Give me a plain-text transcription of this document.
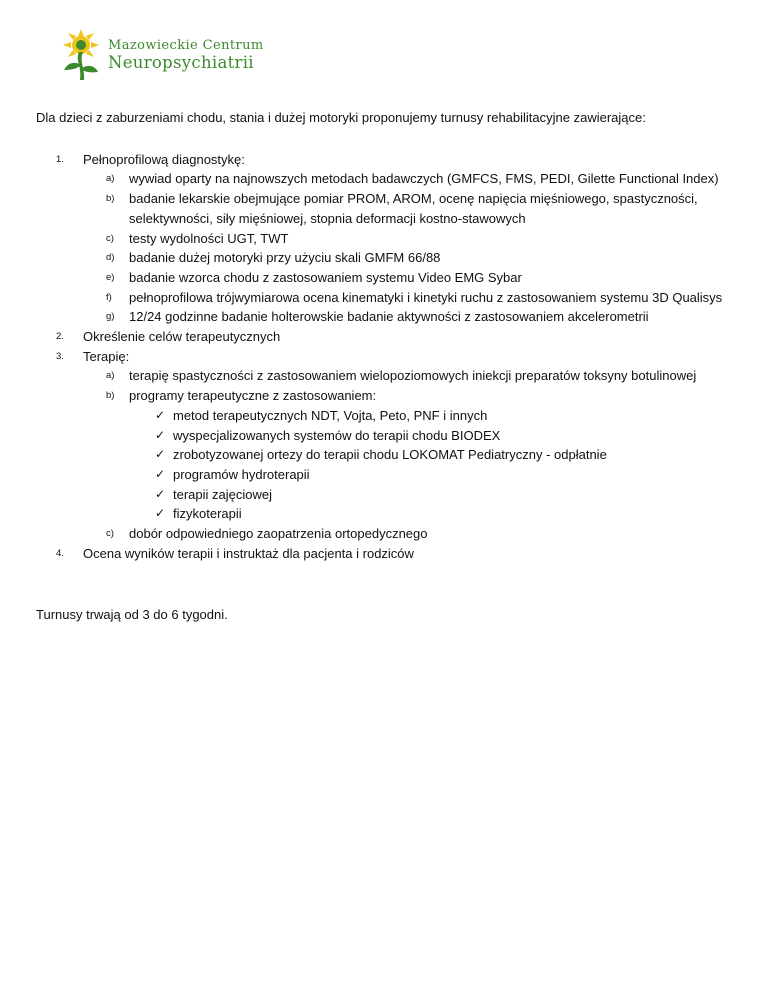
Mazowieckie Centrum
Neuropsychiatrii

Dla dzieci z zaburzeniami chodu, stania i dużej motoryki proponujemy turnusy rehabilitacyjne zawierające:

1. Pełnoprofilową diagnostykę:
a) wywiad oparty na najnowszych metodach badawczych (GMFCS, FMS, PEDI, Gilette Functional Index)
b) badanie lekarskie obejmujące pomiar PROM, AROM, ocenę napięcia mięśniowego, spastyczności, selektywności, siły mięśniowej, stopnia deformacji kostno-stawowych
c) testy wydolności UGT, TWT
d) badanie dużej motoryki przy użyciu skali GMFM 66/88
e) badanie wzorca chodu z zastosowaniem systemu Video EMG Sybar
f) pełnoprofilowa trójwymiarowa ocena kinematyki i kinetyki ruchu z zastosowaniem systemu 3D Qualisys
g) 12/24 godzinne badanie holterowskie badanie aktywności z zastosowaniem akcelerometrii
2. Określenie celów terapeutycznych
3. Terapię:
a) terapię spastyczności z zastosowaniem wielopoziomowych iniekcji preparatów toksyny botulinowej
b) programy terapeutyczne z zastosowaniem:
✓ metod terapeutycznych NDT, Vojta, Peto, PNF i innych
✓ wyspecjalizowanych systemów do terapii chodu BIODEX
✓ zrobotyzowanej ortezy do terapii chodu LOKOMAT Pediatryczny - odpłatnie
✓ programów hydroterapii
✓ terapii zajęciowej
✓ fizykoterapii
c) dobór odpowiedniego zaopatrzenia ortopedycznego
4. Ocena wyników terapii i instruktaż dla pacjenta i rodziców

Turnusy trwają od 3 do 6 tygodni.
